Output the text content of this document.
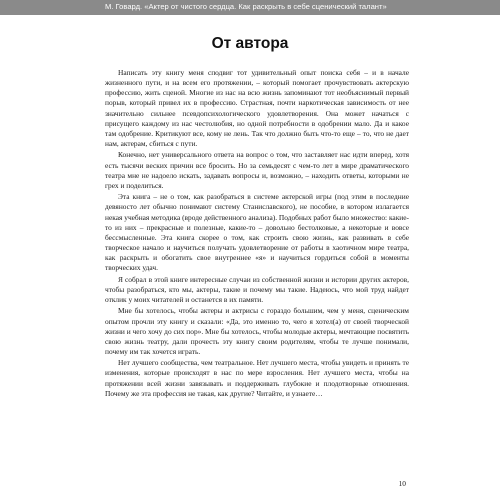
М. Говард. «Актер от чистого сердца. Как раскрыть в себе сценический талант»
От автора

Написать эту книгу меня сподвиг тот удивительный опыт поиска себя – и в начале жизненного пути, и на всем его протяжении, – который помогает прочувствовать актерскую профессию, жить сценой. Многие из нас на всю жизнь запоминают тот необъяснимый первый порыв, который привел их в профессию. Страстная, почти наркотическая зависимость от нее значительно сильнее псевдопсихологического удовлетворения. Она может начаться с присущего каждому из нас честолюбия, но одной потребности в одобрении мало. Да и какое там одобрение. Критикуют все, кому не лень. Так что должно быть что-то еще – то, что не дает нам, актерам, сбиться с пути.

Конечно, нет универсального ответа на вопрос о том, что заставляет нас идти вперед, хотя есть тысячи веских причин все бросить. Но за семьдесят с чем-то лет в мире драматического театра мне не надоело искать, задавать вопросы и, возможно, – находить ответы, которыми не грех и поделиться.

Эта книга – не о том, как разобраться в системе актерской игры (под этим в последние девяносто лет обычно понимают систему Станиславского), не пособие, в котором излагается некая учебная методика (вроде действенного анализа). Подобных работ было множество: какие-то из них – прекрасные и полезные, какие-то – довольно бестолковые, а некоторые и вовсе бессмысленные. Эта книга скорее о том, как строить свою жизнь, как развивать в себе творческое начало и научиться получать удовлетворение от работы в хаотичном мире театра, как раскрыть и обогатить свое внутреннее «я» и научиться гордиться собой в моменты творческих удач.

Я собрал в этой книге интересные случаи из собственной жизни и истории других актеров, чтобы разобраться, кто мы, актеры, такие и почему мы такие. Надеюсь, что мой труд найдет отклик у моих читателей и останется в их памяти.

Мне бы хотелось, чтобы актеры и актрисы с гораздо большим, чем у меня, сценическим опытом прочли эту книгу и сказали: «Да, это именно то, чего я хотел(а) от своей творческой жизни и чего хочу до сих пор». Мне бы хотелось, чтобы молодые актеры, мечтающие посвятить свою жизнь театру, дали прочесть эту книгу своим родителям, чтобы те лучше понимали, почему им так хочется играть.

Нет лучшего сообщества, чем театральное. Нет лучшего места, чтобы увидеть и принять те изменения, которые происходят в нас по мере взросления. Нет лучшего места, чтобы на протяжении всей жизни завязывать и поддерживать глубокие и плодотворные отношения. Почему же эта профессия не такая, как другие? Читайте, и узнаете…

10
